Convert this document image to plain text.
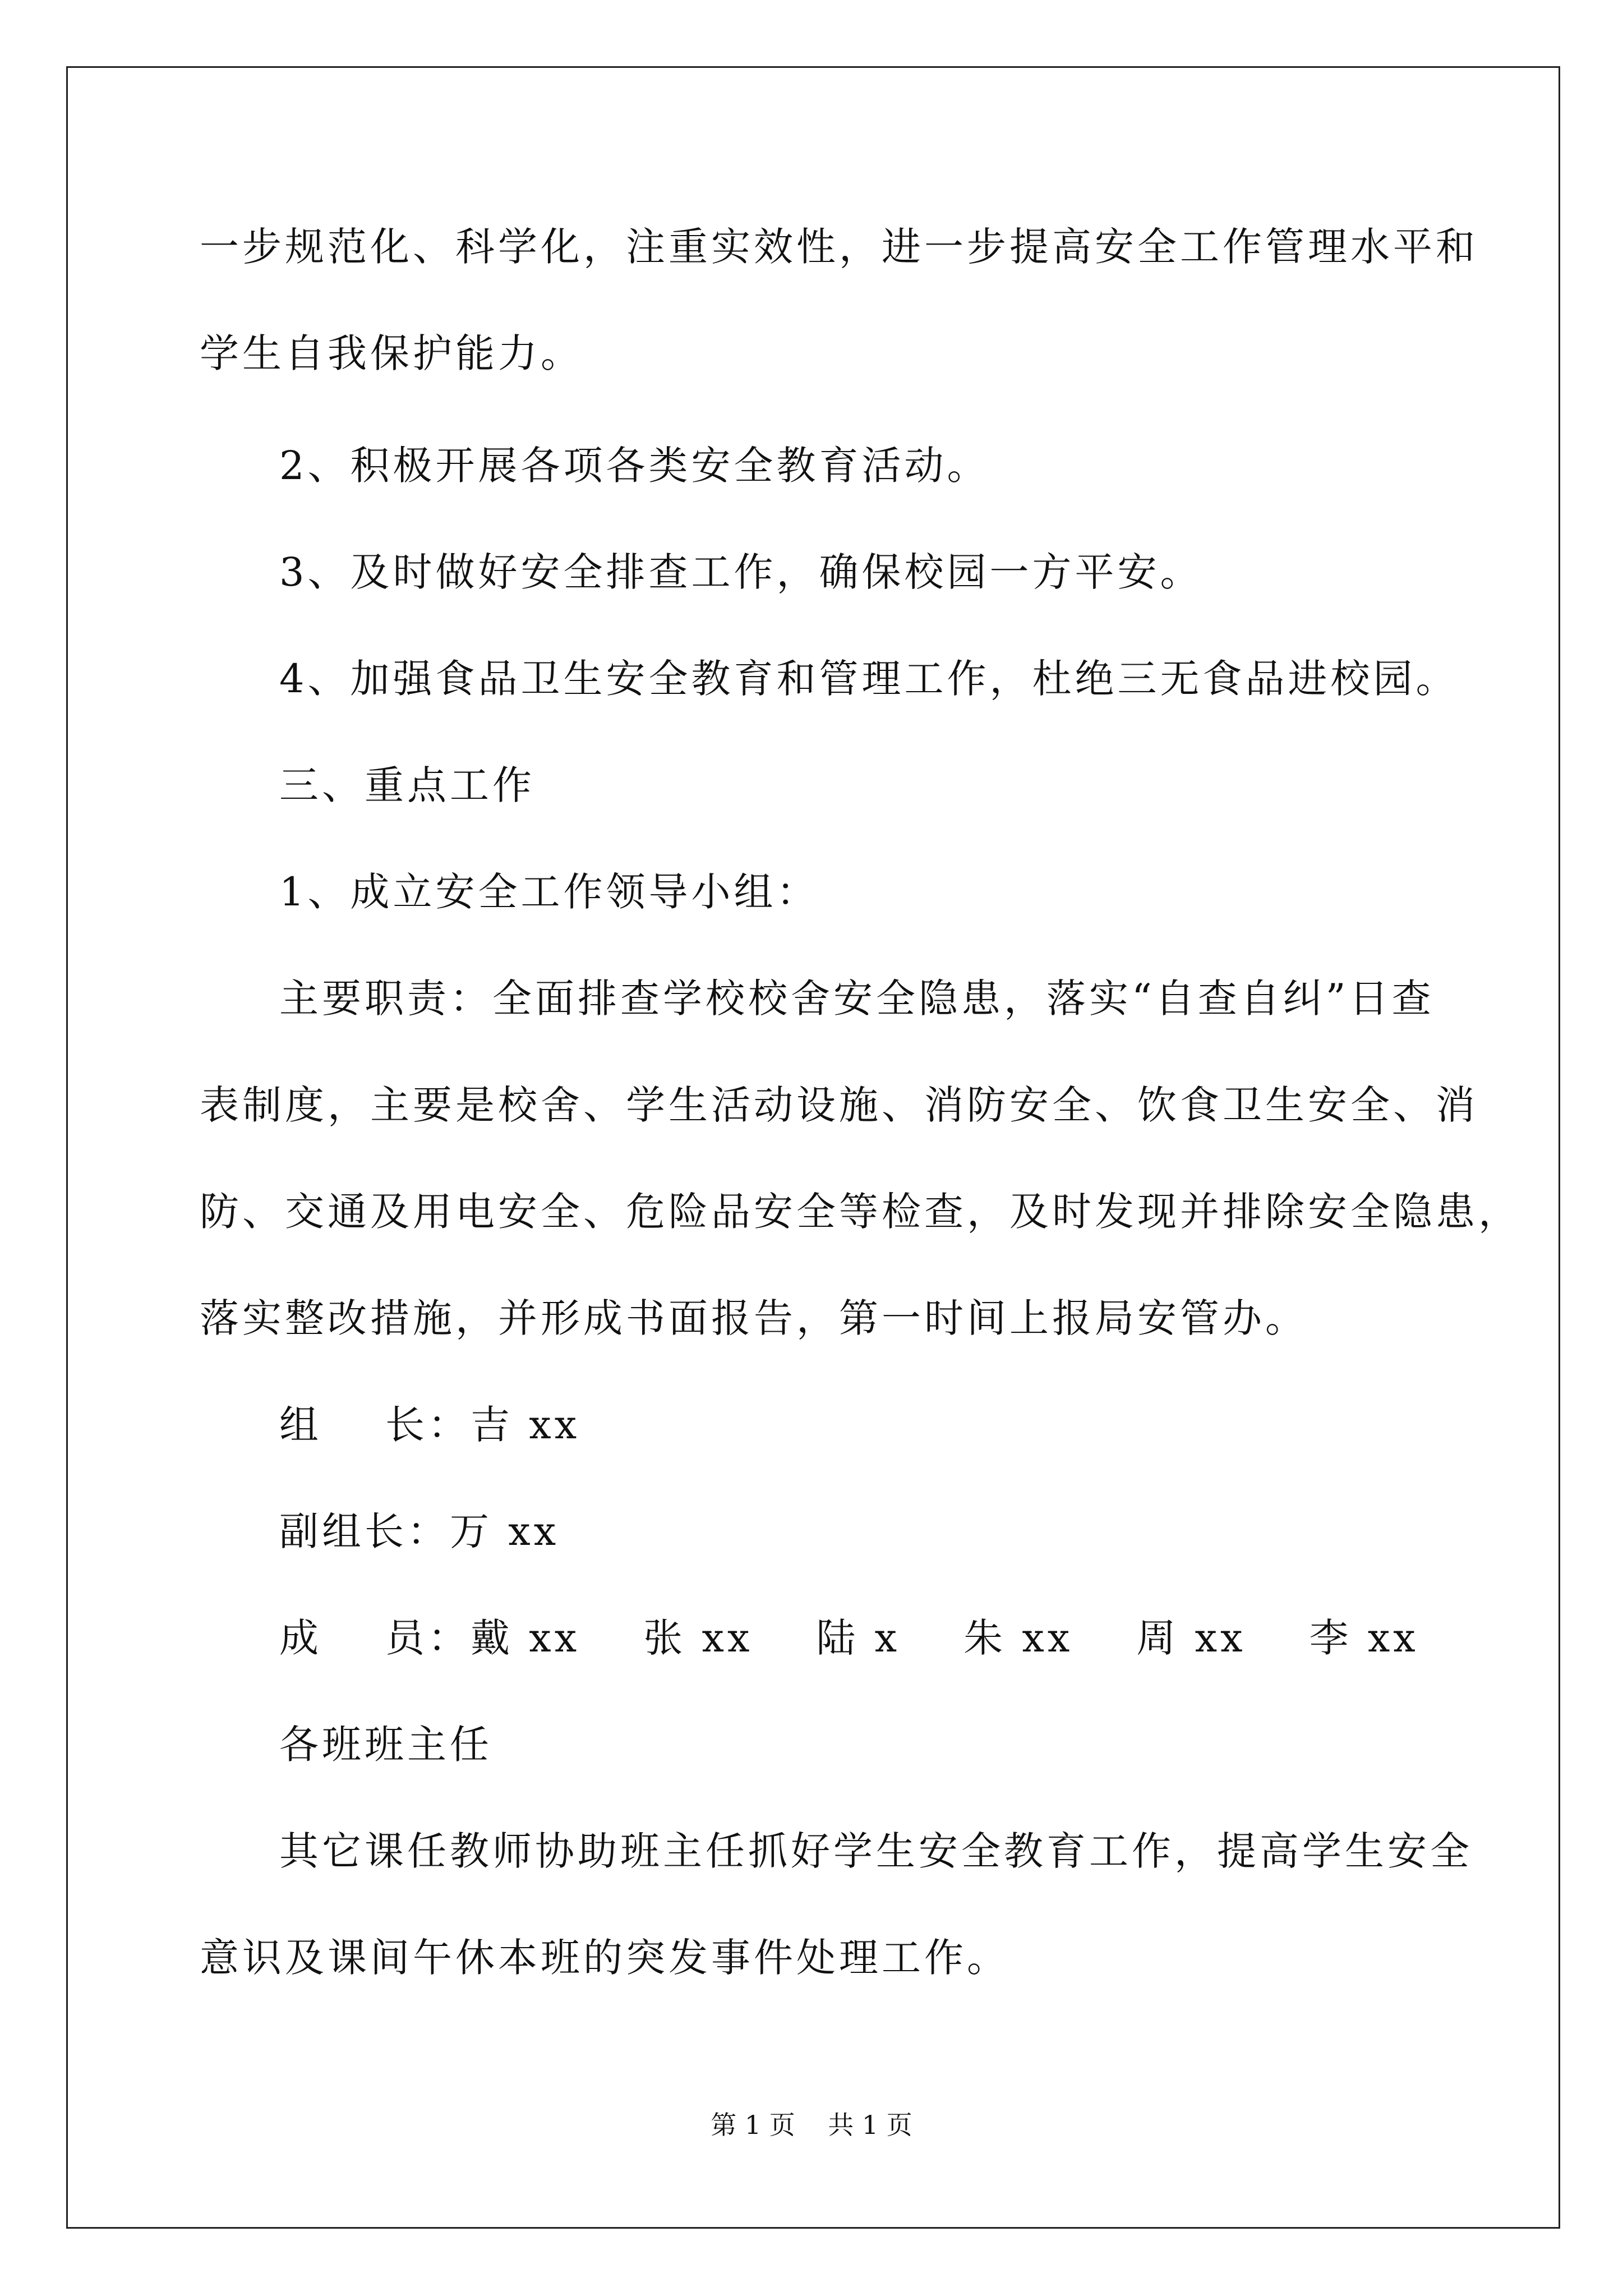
一步规范化、科学化，注重实效性，进一步提高安全工作管理水平和
学生自我保护能力。
2、积极开展各项各类安全教育活动。
3、及时做好安全排查工作，确保校园一方平安。
4、加强食品卫生安全教育和管理工作，杜绝三无食品进校园。
三、重点工作
1、成立安全工作领导小组：
主要职责：全面排查学校校舍安全隐患，落实“自查自纠”日查
表制度，主要是校舍、学生活动设施、消防安全、饮食卫生安全、消
防、交通及用电安全、危险品安全等检查，及时发现并排除安全隐患，
落实整改措施，并形成书面报告，第一时间上报局安管办。
组    长：吉 xx
副组长：万 xx
成    员：戴 xx    张 xx    陆 x    朱 xx    周 xx    李 xx
各班班主任
其它课任教师协助班主任抓好学生安全教育工作，提高学生安全
意识及课间午休本班的突发事件处理工作。
第 1 页    共 1 页
